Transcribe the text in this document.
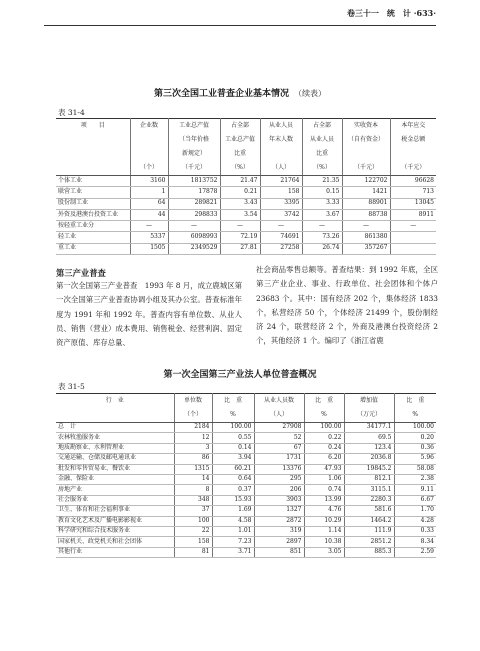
卷三十一　统　计 ·633·
第三次全国工业普查企业基本情况　 （续表）
表 31-4
项　　目	企业数	工业总产值	占全部	从业人员	占全部	实收资本	本年应交
		（当年价格	工业总产值	年末人数	从业人员	（自有资金）	税金总额
		新规定）	比重		比重		
	（个）	（千元）	（%）	（人）	（%）	（千元）	（千元）
个体工业	3160	1813752	21.47	21764	21.35	122702	96628
联营工业	1	17878	0.21	158	0.15	1421	713
股份制工业	64	289821	3.43	3395	3.33	88901	13045
外资及港澳台投资工业	44	298833	3.54	3742	3.67	88738	8911
按轻重工业分	—	—	—	—	—	—	—
轻工业	5337	6098993	72.19	74691	73.26	861380	
重工业	1505	2349529	27.81	27258	26.74	357267	
第三产业普查
第一次全国第三产业普查　1993 年 8 月，成立鹿城区第一次全国第三产业普查协调小组及其办公室。普查标准年度为 1991 年和 1992 年。普查内容有单位数、从业人员、销售（营业）成本费用、销售税金、经营利润、固定资产原值、库存总量、
社会商品零售总额等。普查结果：到 1992 年底，全区第三产业企业、事业、行政单位、社会团体和个体户 23683 个。其中：国有经济 202 个，集体经济 1833 个，私营经济 50 个，个体经济 21499 个，股份制经济 24 个，联营经济 2 个，外商及港澳台投资经济 2 个，其他经济 1 个。编印了《浙江省鹿
第一次全国第三产业法人单位普查概况
表 31-5
行　业	单位数	比　重	从业人员数	比　重	增加值	比　重
	（个）	%	（人）	%	（万元）	%
总　计	2184	100.00	27908	100.00	34177.1	100.00
农林牧渔服务业	12	0.55	52	0.22	69.5	0.20
地质勘察业、水利管理业	3	0.14	67	0.24	123.4	0.36
交通运输、仓储及邮电通讯业	86	3.94	1731	6.20	2036.8	5.96
批发和零售贸易业、餐饮业	1315	60.21	13376	47.93	19845.2	58.08
金融、保险业	14	0.64	295	1.06	812.1	2.38
房地产业	8	0.37	206	0.74	3115.1	9.11
社会服务业	348	15.93	3903	13.99	2280.3	6.67
卫生、体育和社会福利事业	37	1.69	1327	4.76	581.6	1.70
教育文化艺术及广播电影影视业	100	4.58	2872	10.29	1464.2	4.28
科学研究和综合技术服务业	22	1.01	319	1.14	111.9	0.33
国家机关、政党机关和社会团体	158	7.23	2897	10.38	2851.2	8.34
其他行业	81	3.71	851	3.05	885.3	2.59
